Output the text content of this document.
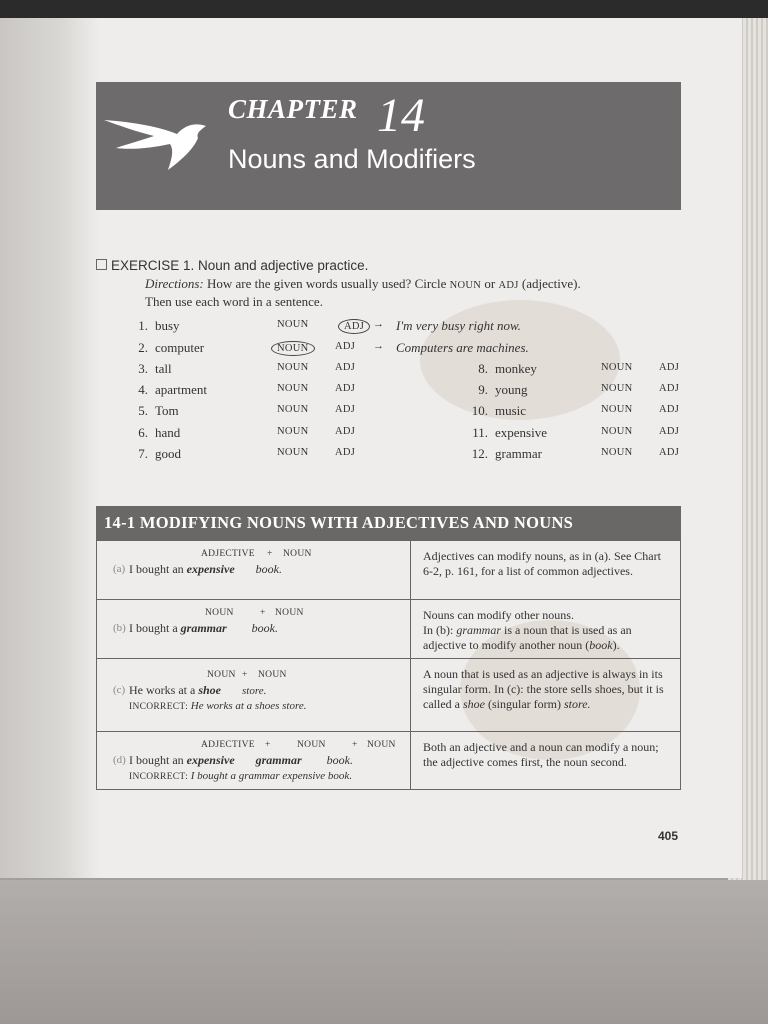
CHAPTER 14
Nouns and Modifiers
EXERCISE 1. Noun and adjective practice.
Directions: How are the given words usually used? Circle NOUN or ADJ (adjective).
Then use each word in a sentence.
1. busy	NOUN	ADJ → I'm very busy right now.
2. computer	NOUN	ADJ → Computers are machines.
3. tall	NOUN	ADJ
4. apartment	NOUN	ADJ
5. Tom	NOUN	ADJ
6. hand	NOUN	ADJ
7. good	NOUN	ADJ
8. monkey	NOUN	ADJ
9. young	NOUN	ADJ
10. music	NOUN	ADJ
11. expensive	NOUN	ADJ
12. grammar	NOUN	ADJ
14-1 MODIFYING NOUNS WITH ADJECTIVES AND NOUNS
ADJECTIVE + NOUN
(a) I bought an expensive book.
Adjectives can modify nouns, as in (a). See Chart 6-2, p. 161, for a list of common adjectives.
NOUN	+ NOUN
(b) I bought a grammar book.
Nouns can modify other nouns.
In (b): grammar is a noun that is used as an adjective to modify another noun (book).
NOUN + NOUN
(c) He works at a shoe store.
INCORRECT: He works at a shoes store.
A noun that is used as an adjective is always in its singular form. In (c): the store sells shoes, but it is called a shoe (singular form) store.
ADJECTIVE +	NOUN	+ NOUN
(d) I bought an expensive grammar book.
INCORRECT: I bought a grammar expensive book.
Both an adjective and a noun can modify a noun; the adjective comes first, the noun second.
405
